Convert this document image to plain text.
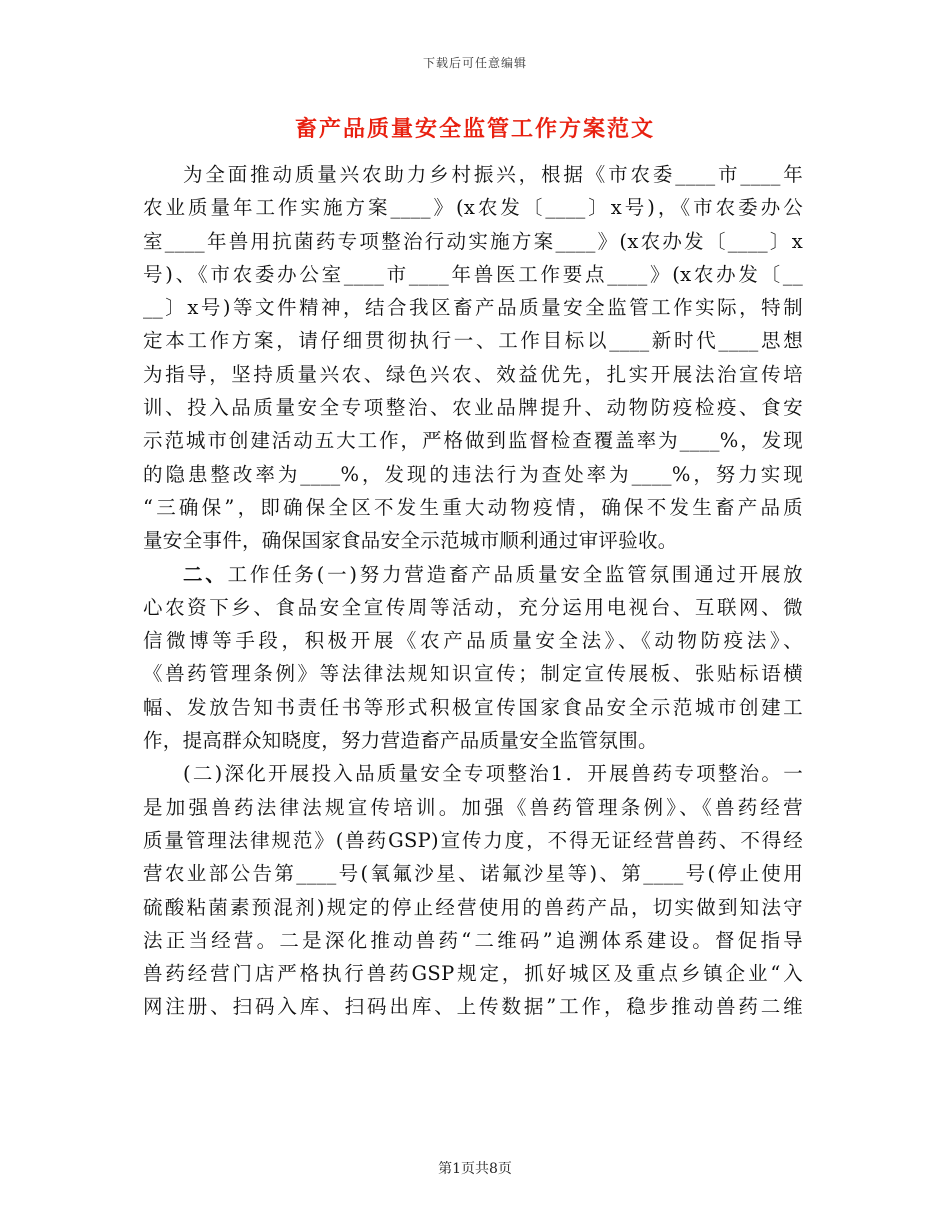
下载后可任意编辑
畜产品质量安全监管工作方案范文
为全面推动质量兴农助力乡村振兴，根据《市农委____市____年
农业质量年工作实施方案____》(x农发〔____〕x号)，《市农委办公
室____年兽用抗菌药专项整治行动实施方案____》(x农办发〔____〕x
号)、《市农委办公室____市____年兽医工作要点____》(x农办发〔__
__〕x号)等文件精神，结合我区畜产品质量安全监管工作实际，特制
定本工作方案，请仔细贯彻执行一、工作目标以____新时代____思想
为指导，坚持质量兴农、绿色兴农、效益优先，扎实开展法治宣传培
训、投入品质量安全专项整治、农业品牌提升、动物防疫检疫、食安
示范城市创建活动五大工作，严格做到监督检查覆盖率为____%，发现
的隐患整改率为____%，发现的违法行为查处率为____%，努力实现
“三确保”，即确保全区不发生重大动物疫情，确保不发生畜产品质
量安全事件，确保国家食品安全示范城市顺利通过审评验收。
二、工作任务(一)努力营造畜产品质量安全监管氛围通过开展放
心农资下乡、食品安全宣传周等活动，充分运用电视台、互联网、微
信微博等手段，积极开展《农产品质量安全法》、《动物防疫法》、
《兽药管理条例》等法律法规知识宣传；制定宣传展板、张贴标语横
幅、发放告知书责任书等形式积极宣传国家食品安全示范城市创建工
作，提高群众知晓度，努力营造畜产品质量安全监管氛围。
(二)深化开展投入品质量安全专项整治1．开展兽药专项整治。一
是加强兽药法律法规宣传培训。加强《兽药管理条例》、《兽药经营
质量管理法律规范》(兽药GSP)宣传力度，不得无证经营兽药、不得经
营农业部公告第____号(氧氟沙星、诺氟沙星等)、第____号(停止使用
硫酸粘菌素预混剂)规定的停止经营使用的兽药产品，切实做到知法守
法正当经营。二是深化推动兽药“二维码”追溯体系建设。督促指导
兽药经营门店严格执行兽药GSP规定，抓好城区及重点乡镇企业“入
网注册、扫码入库、扫码出库、上传数据”工作，稳步推动兽药二维
第1页共8页
